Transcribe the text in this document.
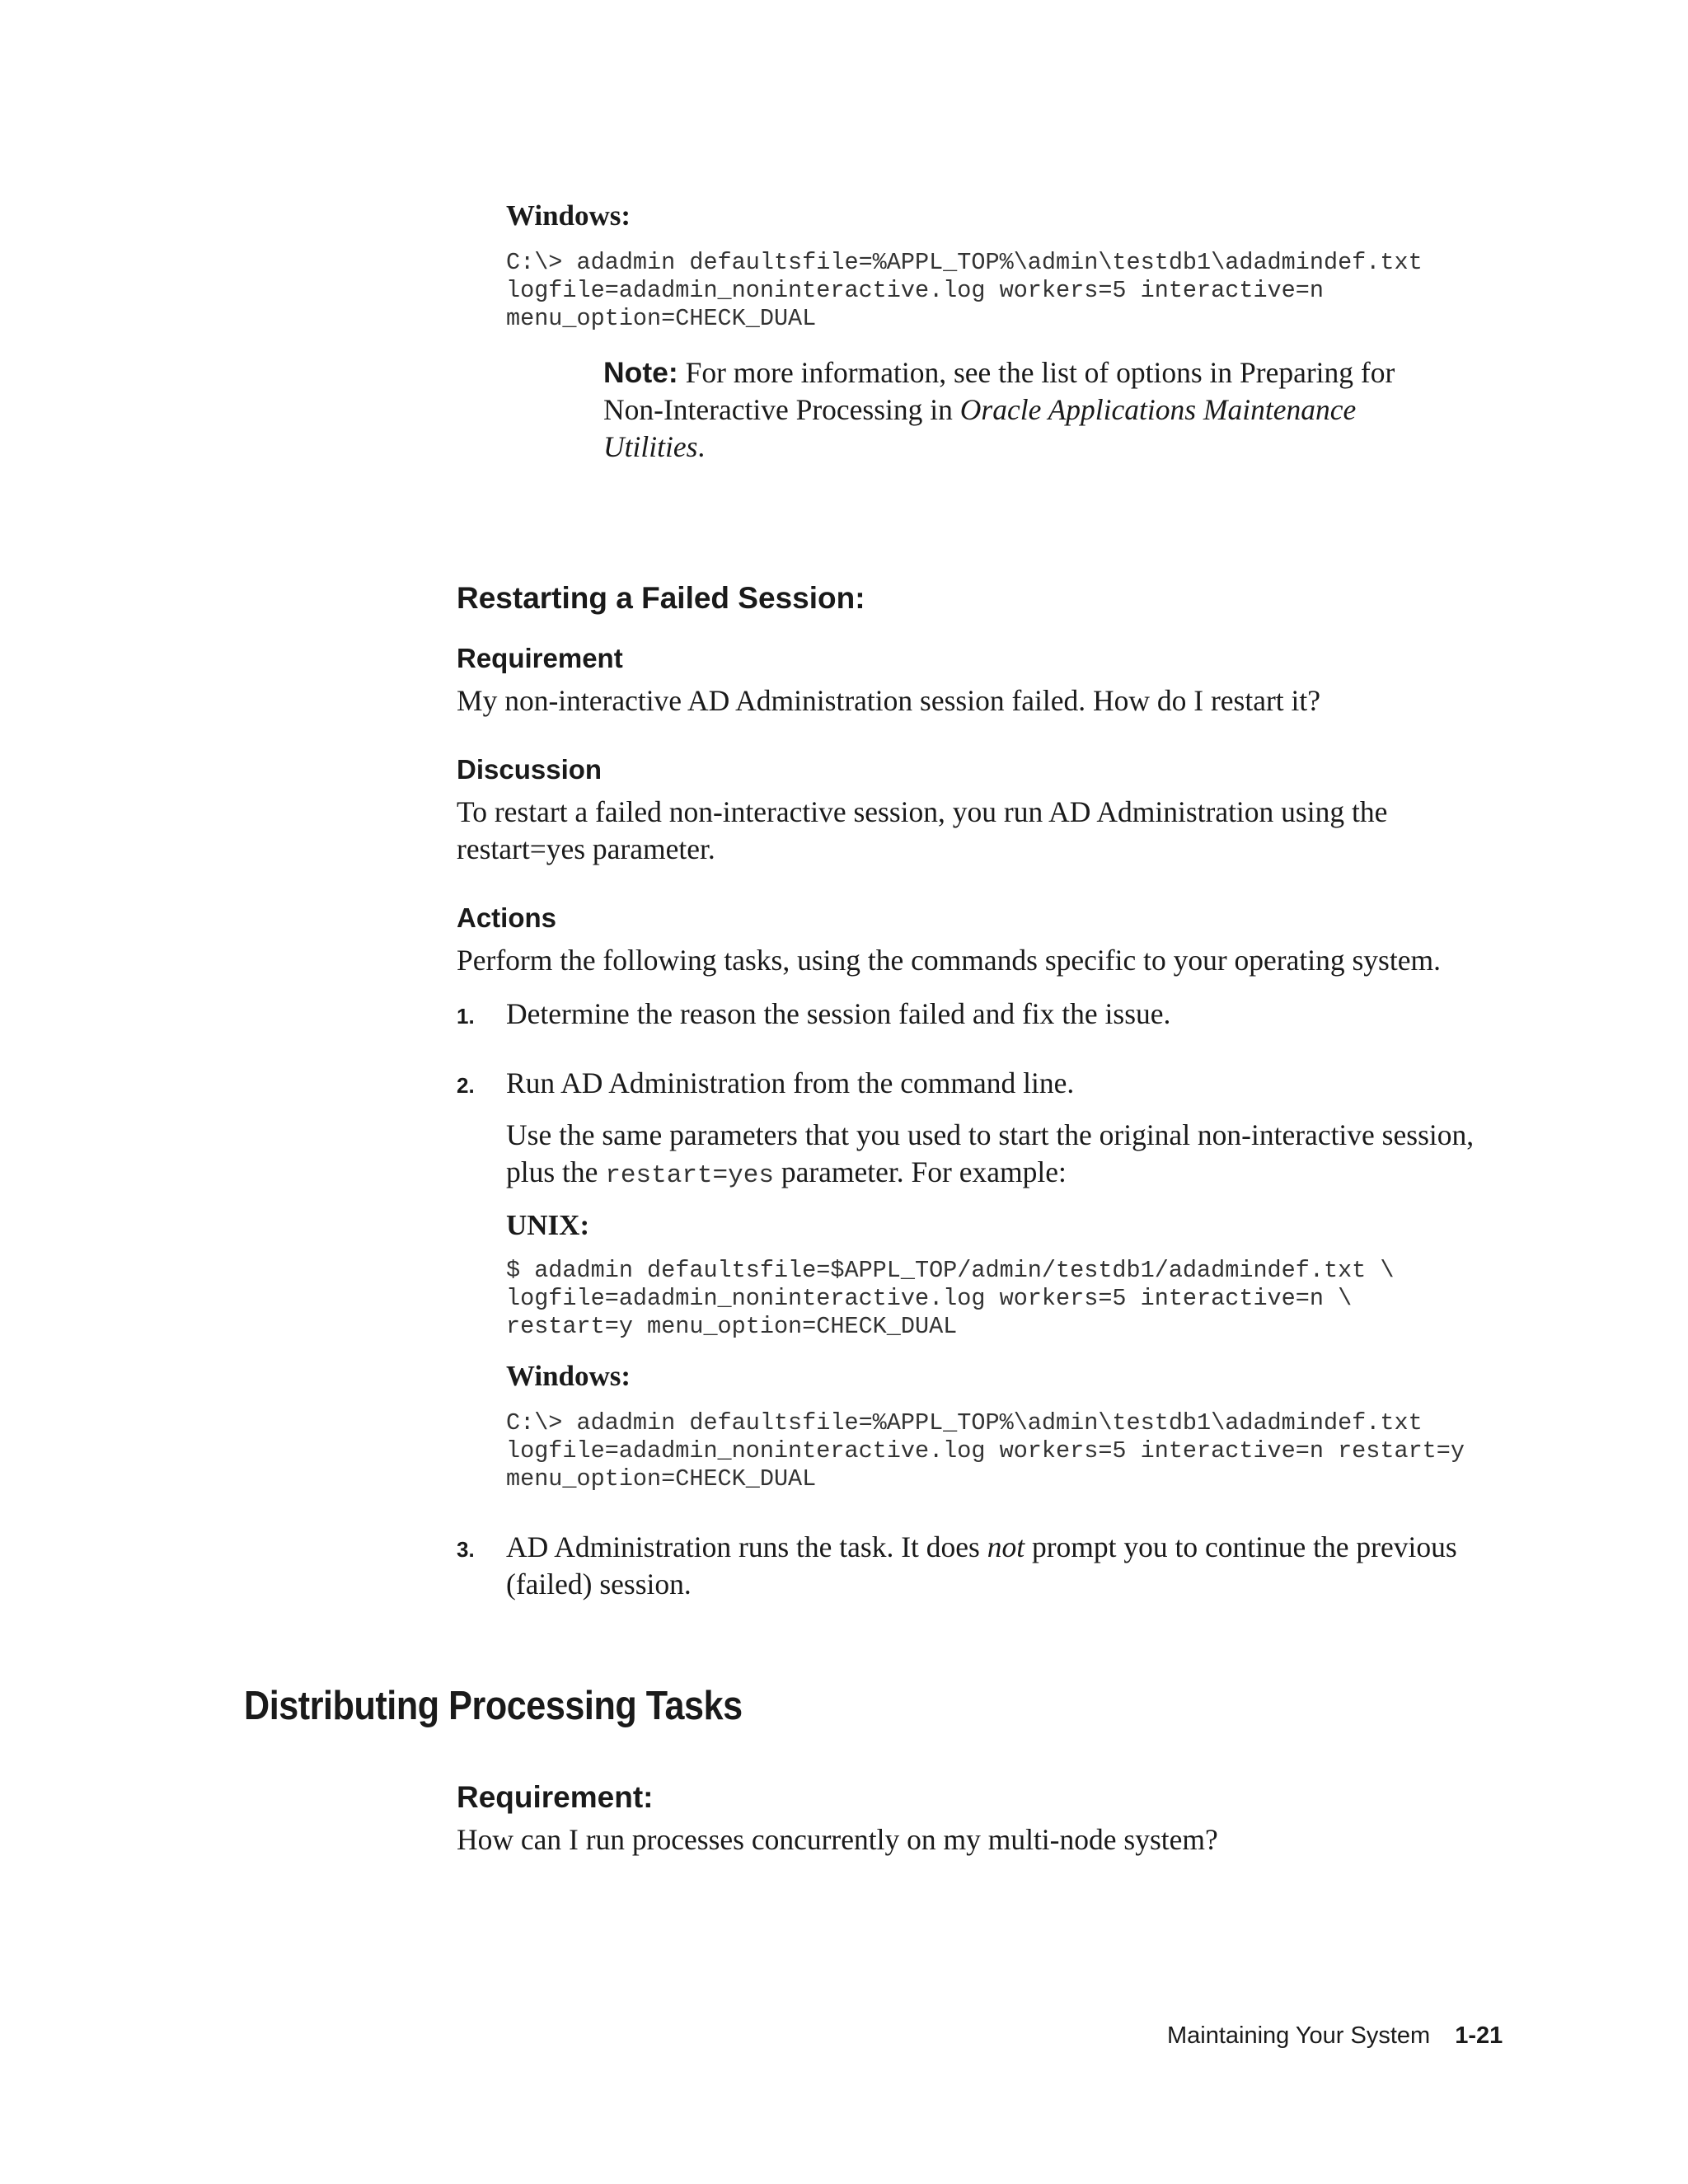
Windows:
C:\> adadmin defaultsfile=%APPL_TOP%\admin\testdb1\adadmindef.txt
logfile=adadmin_noninteractive.log workers=5 interactive=n
menu_option=CHECK_DUAL
Note: For more information, see the list of options in Preparing for Non-Interactive Processing in Oracle Applications Maintenance Utilities.
Restarting a Failed Session:
Requirement
My non-interactive AD Administration session failed. How do I restart it?
Discussion
To restart a failed non-interactive session, you run AD Administration using the restart=yes parameter.
Actions
Perform the following tasks, using the commands specific to your operating system.
1. Determine the reason the session failed and fix the issue.
2. Run AD Administration from the command line.
Use the same parameters that you used to start the original non-interactive session, plus the restart=yes parameter. For example:
UNIX:
$ adadmin defaultsfile=$APPL_TOP/admin/testdb1/adadmindef.txt \
logfile=adadmin_noninteractive.log workers=5 interactive=n \
restart=y menu_option=CHECK_DUAL
Windows:
C:\> adadmin defaultsfile=%APPL_TOP%\admin\testdb1\adadmindef.txt
logfile=adadmin_noninteractive.log workers=5 interactive=n restart=y
menu_option=CHECK_DUAL
3. AD Administration runs the task. It does not prompt you to continue the previous (failed) session.
Distributing Processing Tasks
Requirement:
How can I run processes concurrently on my multi-node system?
Maintaining Your System 1-21
